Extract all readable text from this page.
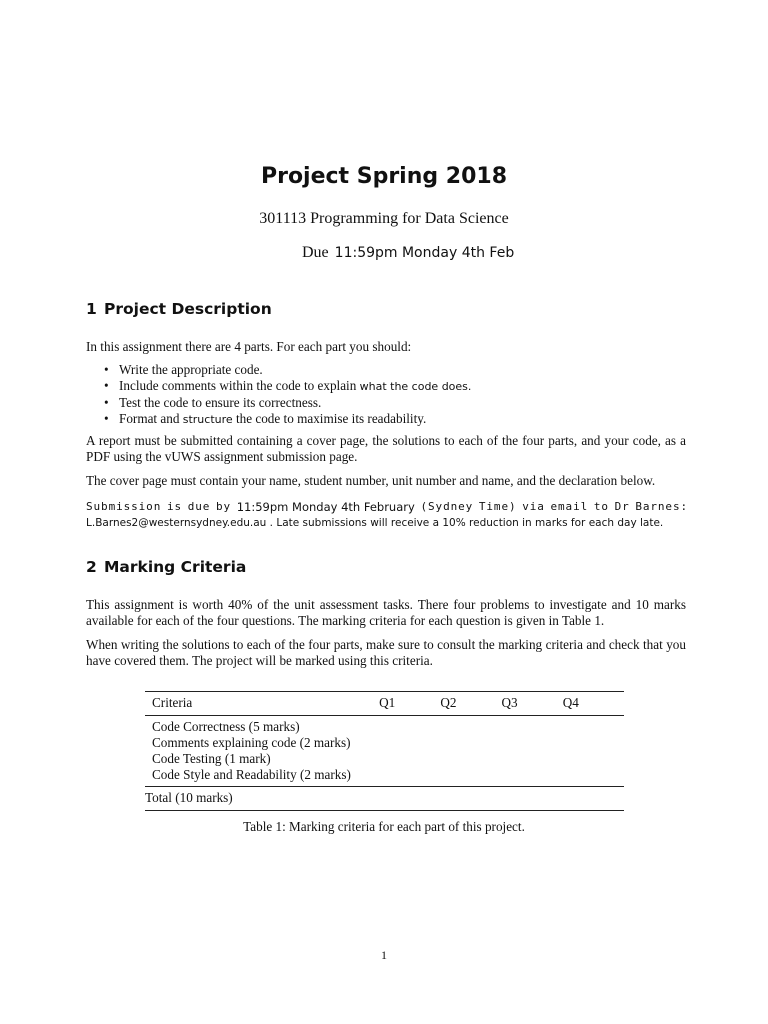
Project Spring 2018
301113 Programming for Data Science
Due 11:59pm Monday 4th Feb
1 Project Description

In this assignment there are 4 parts. For each part you should:

• Write the appropriate code.
• Include comments within the code to explain what the code does.
• Test the code to ensure its correctness.
• Format and structure the code to maximise its readability.

A report must be submitted containing a cover page, the solutions to each of the four parts, and your code, as a PDF using the vUWS assignment submission page.

The cover page must contain your name, student number, unit number and name, and the declaration below.

Submission is due by 11:59pm Monday 4th February (Sydney Time) via email to Dr Barnes:
L.Barnes2@westernsydney.edu.au . Late submissions will receive a 10% reduction in marks for each day late.
2 Marking Criteria

This assignment is worth 40% of the unit assessment tasks. There four problems to investigate and 10 marks available for each of the four questions. The marking criteria for each question is given in Table 1.

When writing the solutions to each of the four parts, make sure to consult the marking criteria and check that you have covered them. The project will be marked using this criteria.

Criteria	Q1	Q2	Q3	Q4

Code Correctness (5 marks)
Comments explaining code (2 marks)
Code Testing (1 mark)
Code Style and Readability (2 marks)				

Total (10 marks)				
Table 1: Marking criteria for each part of this project.
1
